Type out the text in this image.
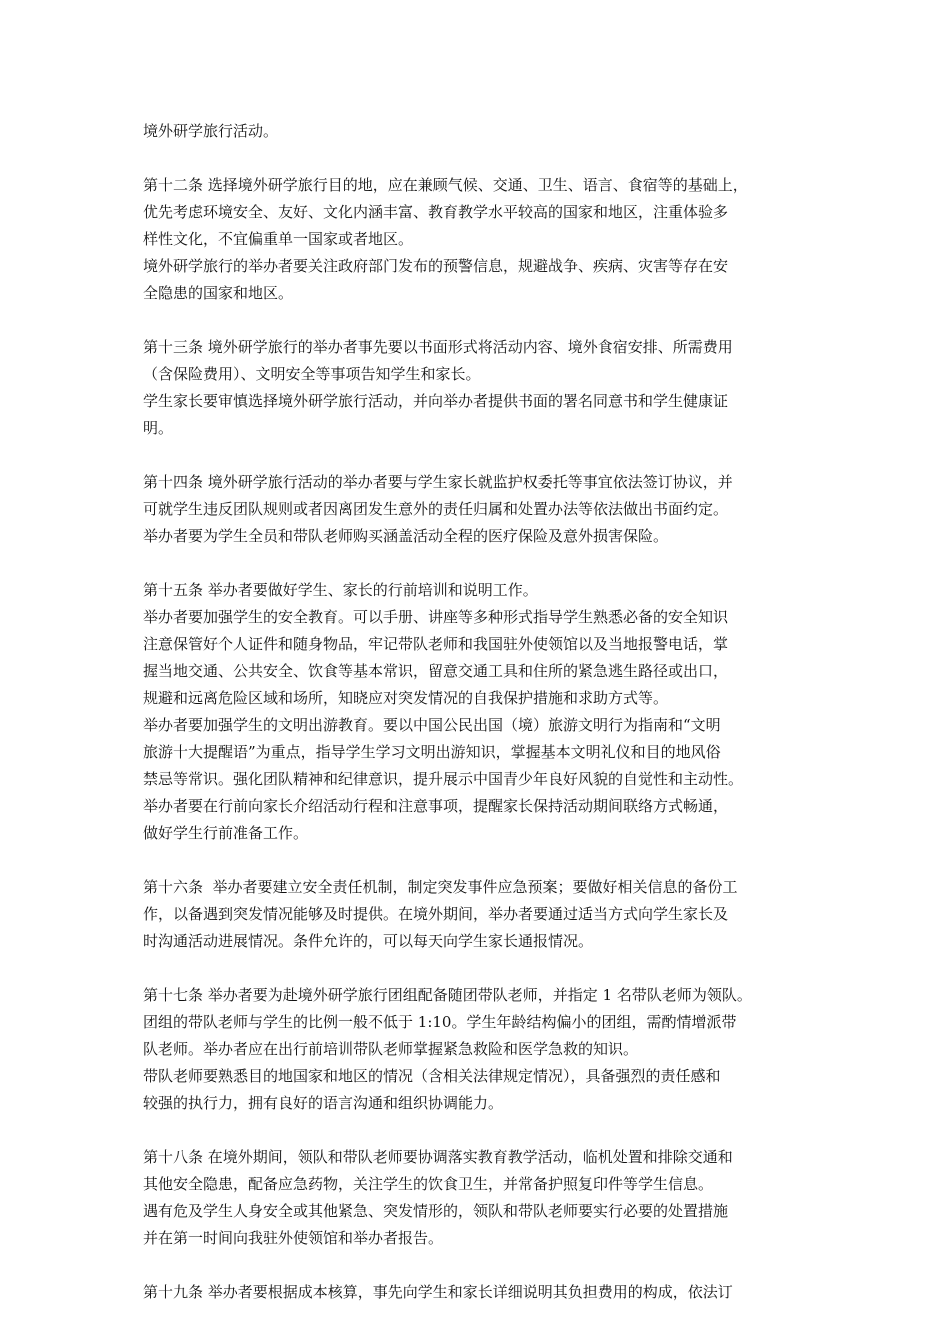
境外研学旅行活动。
第十二条 选择境外研学旅行目的地，应在兼顾气候、交通、卫生、语言、食宿等的基础上，
优先考虑环境安全、友好、文化内涵丰富、教育教学水平较高的国家和地区，注重体验多
样性文化，不宜偏重单一国家或者地区。
境外研学旅行的举办者要关注政府部门发布的预警信息，规避战争、疾病、灾害等存在安
全隐患的国家和地区。
第十三条 境外研学旅行的举办者事先要以书面形式将活动内容、境外食宿安排、所需费用
（含保险费用）、文明安全等事项告知学生和家长。
学生家长要审慎选择境外研学旅行活动，并向举办者提供书面的署名同意书和学生健康证
明。
第十四条 境外研学旅行活动的举办者要与学生家长就监护权委托等事宜依法签订协议，并
可就学生违反团队规则或者因离团发生意外的责任归属和处置办法等依法做出书面约定。
举办者要为学生全员和带队老师购买涵盖活动全程的医疗保险及意外损害保险。
第十五条 举办者要做好学生、家长的行前培训和说明工作。
举办者要加强学生的安全教育。可以手册、讲座等多种形式指导学生熟悉必备的安全知识
注意保管好个人证件和随身物品，牢记带队老师和我国驻外使领馆以及当地报警电话，掌
握当地交通、公共安全、饮食等基本常识，留意交通工具和住所的紧急逃生路径或出口，
规避和远离危险区域和场所，知晓应对突发情况的自我保护措施和求助方式等。
举办者要加强学生的文明出游教育。要以中国公民出国（境）旅游文明行为指南和“文明
旅游十大提醒语”为重点，指导学生学习文明出游知识，掌握基本文明礼仪和目的地风俗
禁忌等常识。强化团队精神和纪律意识，提升展示中国青少年良好风貌的自觉性和主动性。
举办者要在行前向家长介绍活动行程和注意事项，提醒家长保持活动期间联络方式畅通，
做好学生行前准备工作。
第十六条  举办者要建立安全责任机制，制定突发事件应急预案；要做好相关信息的备份工
作，以备遇到突发情况能够及时提供。在境外期间，举办者要通过适当方式向学生家长及
时沟通活动进展情况。条件允许的，可以每天向学生家长通报情况。
第十七条 举办者要为赴境外研学旅行团组配备随团带队老师，并指定 1 名带队老师为领队。
团组的带队老师与学生的比例一般不低于 1:10。学生年龄结构偏小的团组，需酌情增派带
队老师。举办者应在出行前培训带队老师掌握紧急救险和医学急救的知识。
带队老师要熟悉目的地国家和地区的情况（含相关法律规定情况），具备强烈的责任感和
较强的执行力，拥有良好的语言沟通和组织协调能力。
第十八条 在境外期间，领队和带队老师要协调落实教育教学活动，临机处置和排除交通和
其他安全隐患，配备应急药物，关注学生的饮食卫生，并常备护照复印件等学生信息。
遇有危及学生人身安全或其他紧急、突发情形的，领队和带队老师要实行必要的处置措施
并在第一时间向我驻外使领馆和举办者报告。
第十九条 举办者要根据成本核算，事先向学生和家长详细说明其负担费用的构成，依法订
